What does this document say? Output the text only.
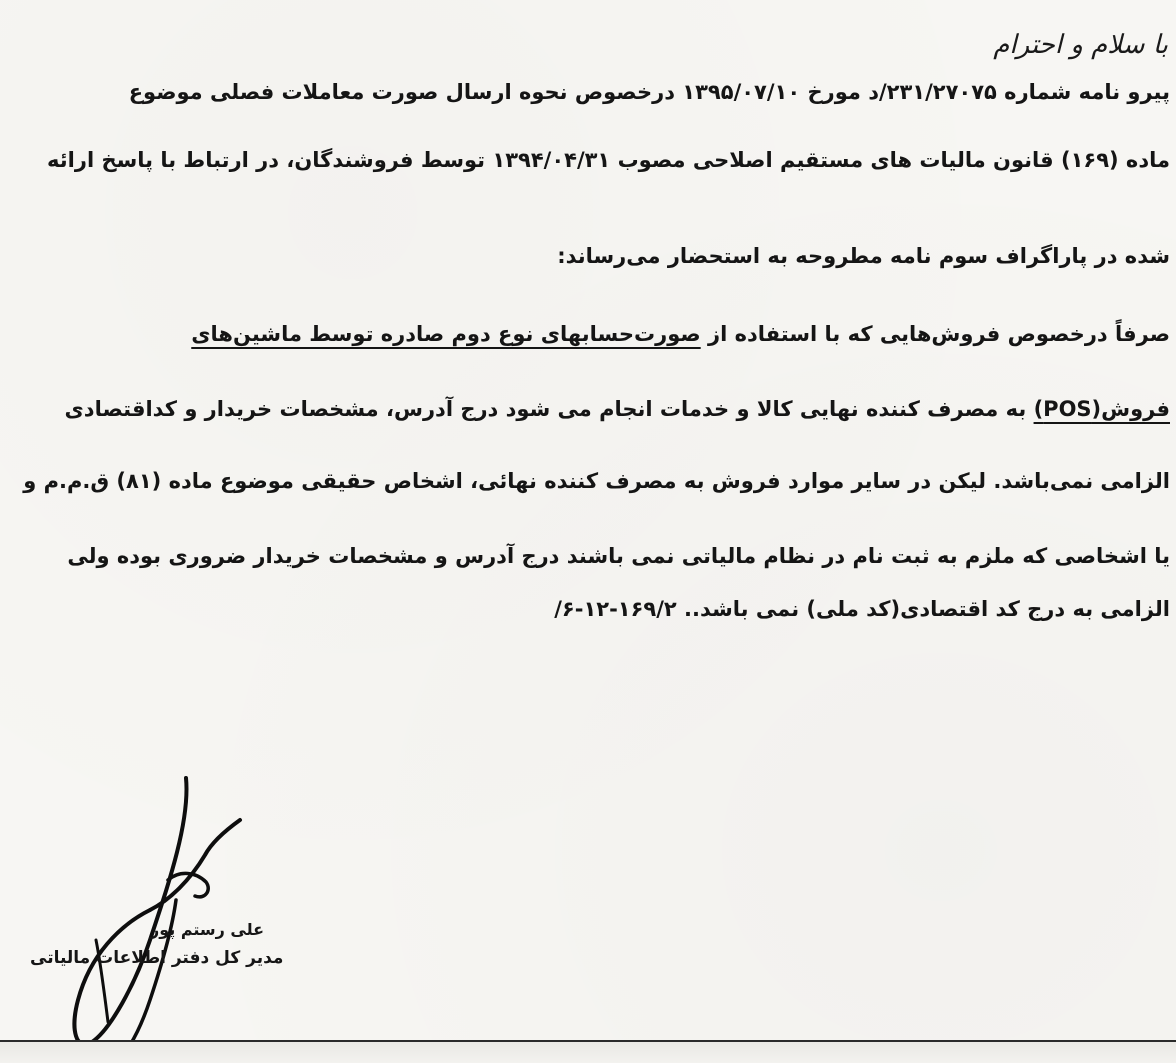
با سلام و احترام
پیرو نامه شماره ۲۳۱/۲۷۰۷۵/د مورخ ۱۳۹۵/۰۷/۱۰ درخصوص نحوه ارسال صورت معاملات فصلی موضوع
ماده (۱۶۹) قانون مالیات های مستقیم اصلاحی مصوب ۱۳۹۴/۰۴/۳۱ توسط فروشندگان، در ارتباط با پاسخ ارائه
شده در پاراگراف سوم نامه مطروحه به استحضار می‌رساند:
صرفاً درخصوص فروش‌هایی که با استفاده از صورت‌حسابهای نوع دوم صادره توسط ماشین‌های
فروش(POS) به مصرف کننده نهایی کالا و خدمات انجام می شود درج آدرس، مشخصات خریدار و کداقتصادی
الزامی نمی‌باشد. لیکن در سایر موارد فروش به مصرف کننده نهائی، اشخاص حقیقی موضوع ماده (۸۱) ق.م.م و
یا اشخاصی که ملزم به ثبت نام در نظام مالیاتی نمی باشند درج آدرس و مشخصات خریدار ضروری بوده ولی
الزامی به درج کد اقتصادی(کد ملی) نمی باشد.. ۱۶۹/۲-۱۲-۶/
علی رستم پور
مدیر کل دفتر اطلاعات مالیاتی
